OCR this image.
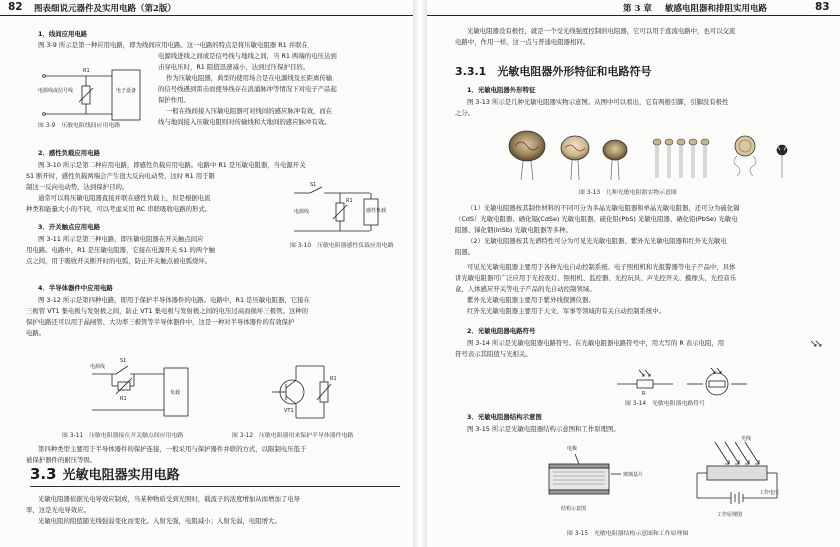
82 图表细说元器件及实用电路（第2版）
1．线间应用电路
图 3-9 所示是第一种应用电路，即为线间应用电路。这一电路的特点是将压敏电阻器 R1 并联在
电源线进线之间或是信号线与地线之间，当 R1 两端的电压达到
击穿电压时，R1 阻值迅速减小，达到过压保护目的。
作为压敏电阻器，典型的使用场合是在电源线及长距离传输
的信号线遇到雷击而使导线存在浪涌脉冲等情况下对电子产品起
保护作用。
一般在线间接入压敏电阻器可对线间的感应脉冲有效，而在
线与地间接入压敏电阻则对传输线和大地间的感应脉冲有效。
R1
电子设备
电源线或信号线
图 3-9　压敏电阻线间应用电路
2．感性负载应用电路
图 3-10 所示是第二种应用电路，即感性负载应用电路。电路中 R1 是压敏电阻器，当电源开关
S1 断开时，感性负载两端会产生很大反向电动势，这时 R1 用于限
制这一反向电动势，达到保护目的。
通常可以将压敏电阻器直接并联在感性负载上，但是根据电流
种类和能量大小的不同，可以考虑采用 RC 串联吸收电路的形式。
S1
R1
电源线	感性负载
图 3-10　压敏电阻器感性负载应用电路
3．开关触点应用电路
图 3-11 所示是第三种电路，即压敏电阻器在开关触点间应
用电路。电路中，R1 是压敏电阻器，它接在电源开关 S1 的两个触
点之间，用于吸收开关断开时的电弧，防止开关触点被电弧烧坏。
4．半导体器件中应用电路
图 3-12 所示是第四种电路，即用于保护半导体器件的电路。电路中，R1 是压敏电阻器，它接在
三极管 VT1 集电极与发射极之间，防止 VT1 集电极与发射极之间的电压过高而损坏三极管。这种的
保护电路还可以用于晶闸管、大功率三极管等半导体器件中，这是一种对半导体器件的有效保护
电路。
S1
R1
电源线
负载
VT1
R1
图 3-11　压敏电阻器接在开关触点间应用电路	图 3-12　压敏电阻器用来保护半导体器件电路
第四种类型主要用于半导体器件的保护连接，一般采用与保护器件并联的方式，以限制电压低于
被保护器件的耐压等级。
3.3 光敏电阻器实用电路
光敏电阻器依据光电导效应制成，当某种物质受到光照时，载流子的浓度增加从而增加了电导
率，这是光电导效应。
光敏电阻的阻值随光线强弱变化而变化。入射光强，电阻减小；入射光弱，电阻增大。
第 3 章 敏感电阻器和排阻实用电路	83
光敏电阻器没有极性，就是一个受光线强度控制的电阻器，它可以用于直流电路中，也可以交流
电路中，作用一样，这一点与普通电阻器相同。
3.3.1　光敏电阻器外形特征和电路符号
1．光敏电阻器外形特征
图 3-13 所示是几种光敏电阻器实物示意图。从图中可以看出，它有两根引脚，引脚没有极性
之分。
图 3-13　几种光敏电阻器实物示意图
（1）光敏电阻器按其制作材料的不同可分为多晶光敏电阻器和单晶光敏电阻器，还可分为硫化镉
（CdS）光敏电阻器、硒化镉(CdSe) 光敏电阻器、硫化铅(PbS) 光敏电阻器、硒化铅(PbSe) 光敏电
阻器、锑化铟(InSb) 光敏电阻器等多种。
（2）光敏电阻器按其光谱特性可分为可见光光敏电阻器、紫外光光敏电阻器和红外光光敏电
阻器。
可见光光敏电阻器主要用于各种光电自动控制系统、电子照相机和光报警器等电子产品中，具体
讲光敏电阻器可广泛应用于光控夜灯、照相机、监控器、光控玩具、声光控开关、摄像头、光控音乐
盒、人体感应开关等电子产品的光自动控制领域。
紫外光光敏电阻器主要用于紫外线探测仪器。
红外光光敏电阻器主要用于天文、军事等领域的有关自动控制系统中。
2．光敏电阻器电路符号
图 3-14 所示是光敏电阻器电路符号。在光敏电阻器电路符号中，用大写的 R 表示电阻，用
符号表示其阻值与光相关。
R
图 3-14　光敏电阻器电路符号
3．光敏电阻器结构示意图
图 3-15 所示是光敏电阻器结构示意图和工作原理图。
电极
玻璃基片
结构示意图
光线
工作电压
工作原理图
图 3-15　光敏电阻器结构示意图和工作原理图
